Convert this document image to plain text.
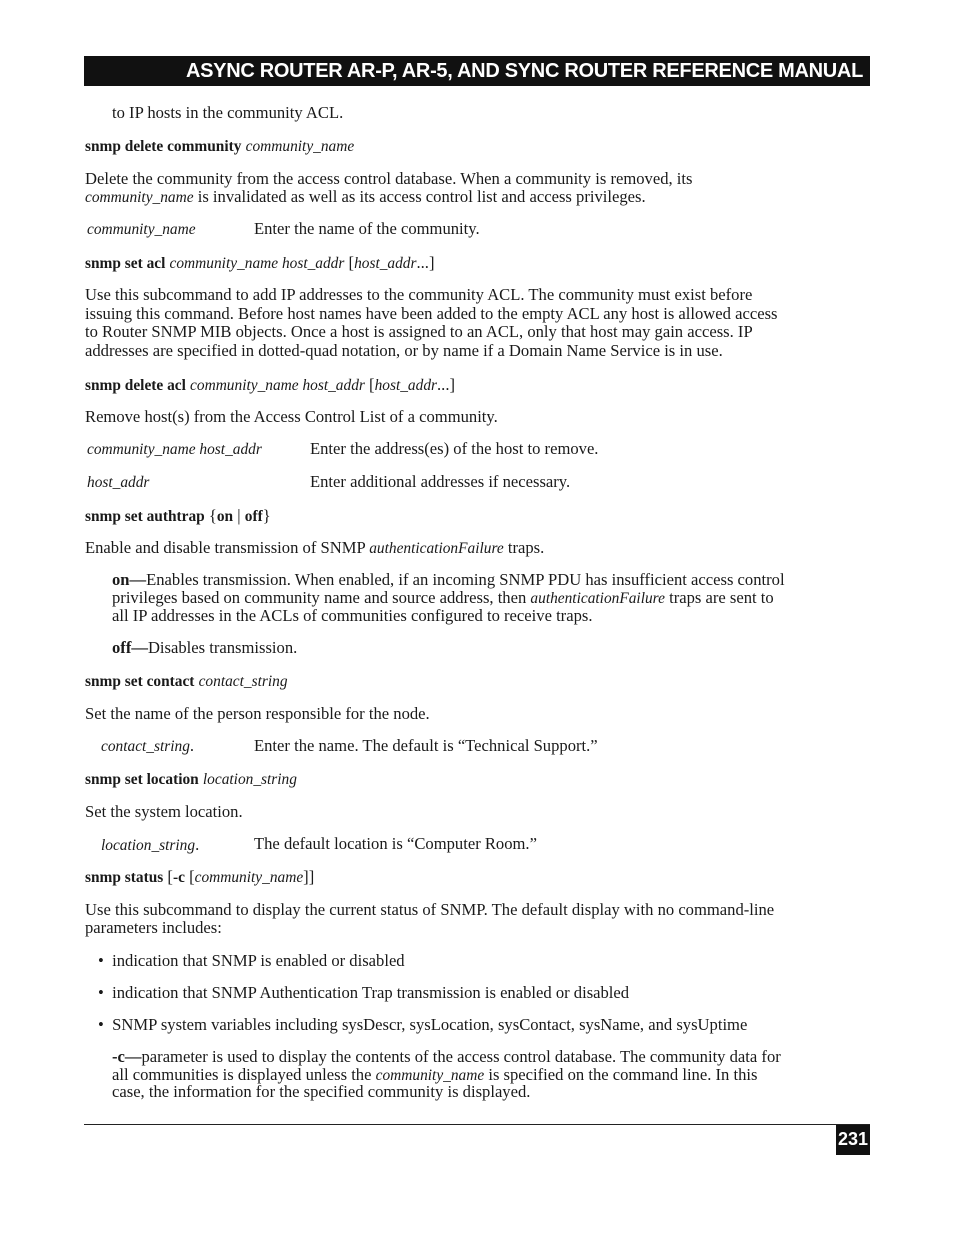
ASYNC ROUTER AR-P, AR-5, AND SYNC ROUTER REFERENCE MANUAL
to IP hosts in the community ACL.
snmp delete community community_name
Delete the community from the access control database. When a community is removed, its
community_name is invalidated as well as its access control list and access privileges.
community_name	Enter the name of the community.
snmp set acl community_name host_addr [host_addr...]
Use this subcommand to add IP addresses to the community ACL. The community must exist before
issuing this command. Before host names have been added to the empty ACL any host is allowed access
to Router SNMP MIB objects. Once a host is assigned to an ACL, only that host may gain access. IP
addresses are specified in dotted-quad notation, or by name if a Domain Name Service is in use.
snmp delete acl community_name host_addr [host_addr...]
Remove host(s) from the Access Control List of a community.
community_name host_addr	Enter the address(es) of the host to remove.
host_addr	Enter additional addresses if necessary.
snmp set authtrap {on | off}
Enable and disable transmission of SNMP authenticationFailure traps.
on—Enables transmission. When enabled, if an incoming SNMP PDU has insufficient access control
privileges based on community name and source address, then authenticationFailure traps are sent to
all IP addresses in the ACLs of communities configured to receive traps.
off—Disables transmission.
snmp set contact contact_string
Set the name of the person responsible for the node.
contact_string.	Enter the name. The default is “Technical Support.”
snmp set location location_string
Set the system location.
location_string.	The default location is “Computer Room.”
snmp status [-c [community_name]]
Use this subcommand to display the current status of SNMP. The default display with no command-line
parameters includes:
• indication that SNMP is enabled or disabled
• indication that SNMP Authentication Trap transmission is enabled or disabled
• SNMP system variables including sysDescr, sysLocation, sysContact, sysName, and sysUptime
-c—parameter is used to display the contents of the access control database. The community data for
all communities is displayed unless the community_name is specified on the command line. In this
case, the information for the specified community is displayed.
231
